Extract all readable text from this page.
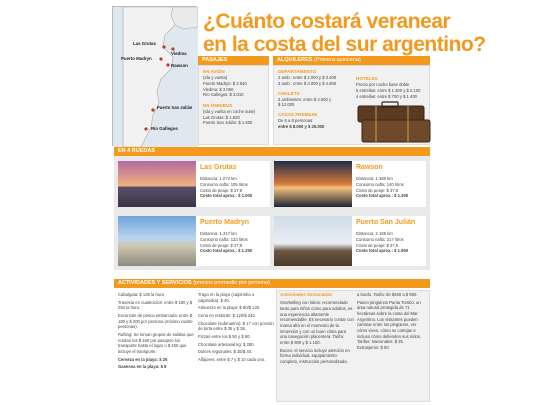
Las Grutas
Viedma
Puerto Madryn
Rawson
Puerto San Julián
Río Gallegos
¿Cuánto costará veranear
en la costa del sur argentino?
PASAJES
EN AVIÓN
(Ida y vuelta)
Puerto Madryn: $ 3.840
Viedma: $ 2.060
Río Gallegos: $ 3.010
EN ÓMNIBUS
(Ida y vuelta en coche suite)
Las Grutas: $ 1.820
Puerto San Julián: $ 1.600
ALQUILERES (Primera quincena)
DEPARTAMENTO
2 amb.: entre $ 2.000 y $ 3.400
3 amb.: entre $ 3.000 y $ 4.800
CHALETS
3 ambientes: entre $ 3.500 y
$ 12.000
CASAS PREMIUM
De 6 a 8 personas:
entre $ 8.000 y $ 25.000
HOTELES
Precio por noche base doble
5 estrellas: entre $ 1.300 y $ 2.100
4 estrellas: entre $ 700 y $ 1.400
EN 4 RUEDAS
Las Grutas
Distancia: 1.072 km
Consumo nafta: 105 litros
Costo de peaje: $ 27,9
Costo total aprox.: $ 1.000
Rawson
Distancia: 1.380 km
Consumo nafta: 140 litros
Costo de peaje: $ 37,9
Costo total aprox.: $ 1.300
Puerto Madryn
Distancia: 1.317 km
Consumo nafta: 133 litros
Costo de peaje: $ 37,9
Costo total aprox.: $ 1.250
Puerto San Julián
Distancia: 2.185 km
Consumo nafta: 217 litros
Costo de peaje: $ 37,9
Costo total aprox.: $ 1.950
ACTIVIDADES Y SERVICIOS (precios promedio por persona)

Cabalgata: $ 135 la hora

Travesía en cuatriciclos: entre $ 180 y $ 250 la hora.

Excursión de pesca embarcada: entre $ 180 y $ 200 por persona (mínimo cuatro personas).

Rafting: Se toman grupos de salidas que rondan los $ 180 por pasajero sin transporte hasta el lugar o $ 450 que incluye el transporte.

Cerveza en la playa: $ 25

Gaseosa en la playa: $ 8

Trago en la playa (caipirinha o caipiroska): $ 40.

Almuerzo en la playa: $ 80/$ 120.

Cena en restorán: $ 120/$ 240.

Chocolate (submarino): $ 17 con porción de torta entre $ 35 y $ 38.

Pizzas entre los $ 50 y $ 60.

Chocolate artesanal kg: $ 280.

Dulces regionales: $ 35/$ 40.

Alfajores: entre $ 7 y $ 10 cada uno.

Actividades destacadas

Snorkelling con lobos: recomendado tanto para niños como para adultos, es una experiencia altamente recomendable. Es necesario contar con marea alta en el momento de la inmersión y con un buen clima para una navegación placentera. Tarifa: entre $ 900 y $ 1.100.

Buceo: el servicio incluye atención en forma individual, equipamiento completo, instrucción personalizada.

a bordo. Tarifa: de $450 a $ 950.

Paseo pingüinos Punta Tombo: un área natural protegida de 71 hectáreas sobre la costa del Mar Argentino. Los visitantes pueden caminar entre los pingüinos, ver cómo viven, cómo se cortejan e incluso cómo defienden sus nidos. Tarifas: Nacionales: $ 25. Extranjeros: $ 60
